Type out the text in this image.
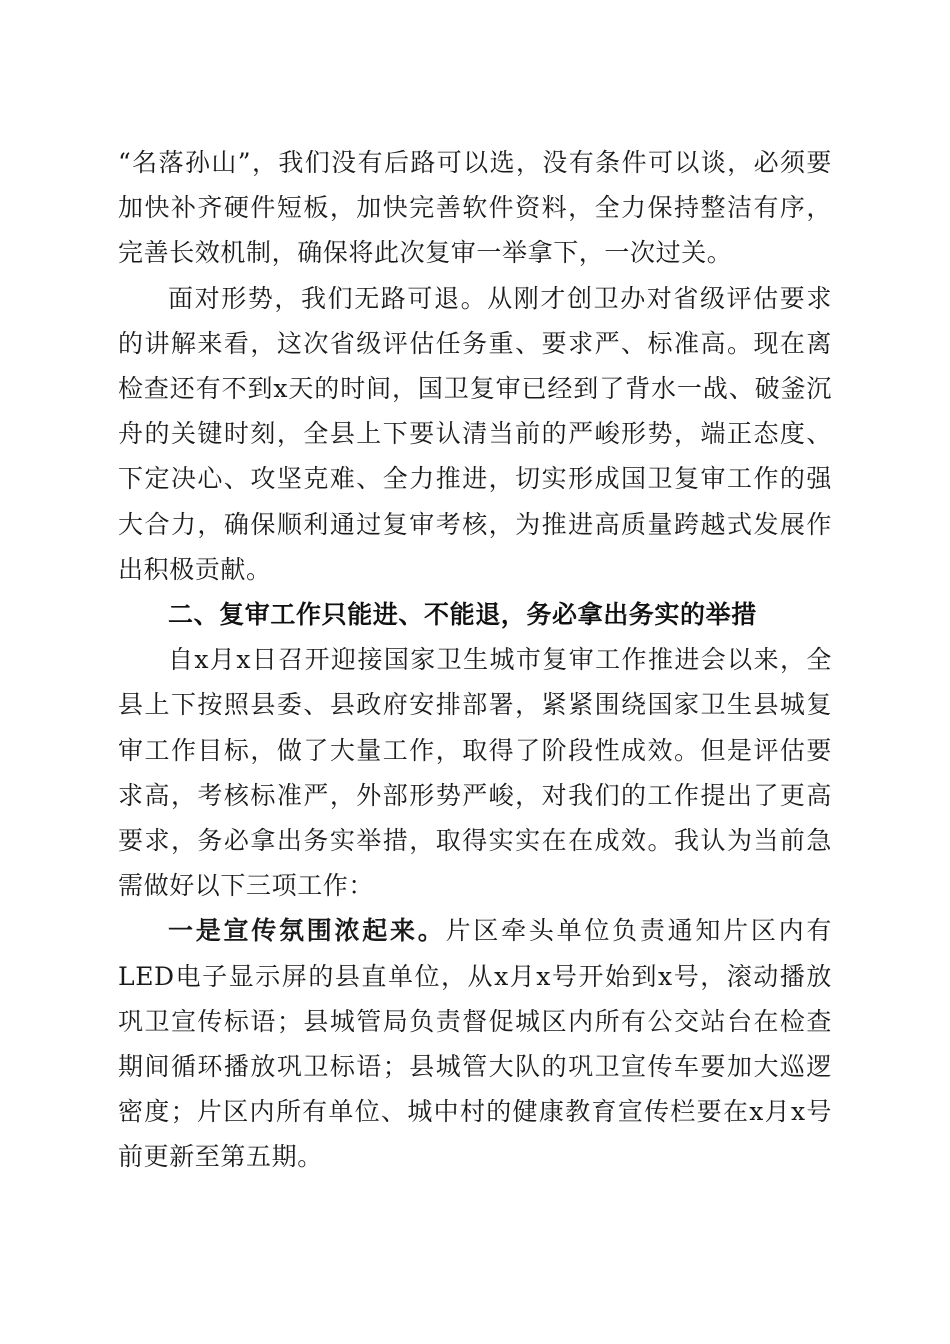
“名落孙山”，我们没有后路可以选，没有条件可以谈，必须要加快补齐硬件短板，加快完善软件资料，全力保持整洁有序，完善长效机制，确保将此次复审一举拿下，一次过关。

面对形势，我们无路可退。从刚才创卫办对省级评估要求的讲解来看，这次省级评估任务重、要求严、标准高。现在离检查还有不到x天的时间，国卫复审已经到了背水一战、破釜沉舟的关键时刻，全县上下要认清当前的严峻形势，端正态度、下定决心、攻坚克难、全力推进，切实形成国卫复审工作的强大合力，确保顺利通过复审考核，为推进高质量跨越式发展作出积极贡献。

二、复审工作只能进、不能退，务必拿出务实的举措

自x月x日召开迎接国家卫生城市复审工作推进会以来，全县上下按照县委、县政府安排部署，紧紧围绕国家卫生县城复审工作目标，做了大量工作，取得了阶段性成效。但是评估要求高，考核标准严，外部形势严峻，对我们的工作提出了更高要求，务必拿出务实举措，取得实实在在成效。我认为当前急需做好以下三项工作：

一是宣传氛围浓起来。片区牵头单位负责通知片区内有LED电子显示屏的县直单位，从x月x号开始到x号，滚动播放巩卫宣传标语；县城管局负责督促城区内所有公交站台在检查期间循环播放巩卫标语；县城管大队的巩卫宣传车要加大巡逻密度；片区内所有单位、城中村的健康教育宣传栏要在x月x号前更新至第五期。
